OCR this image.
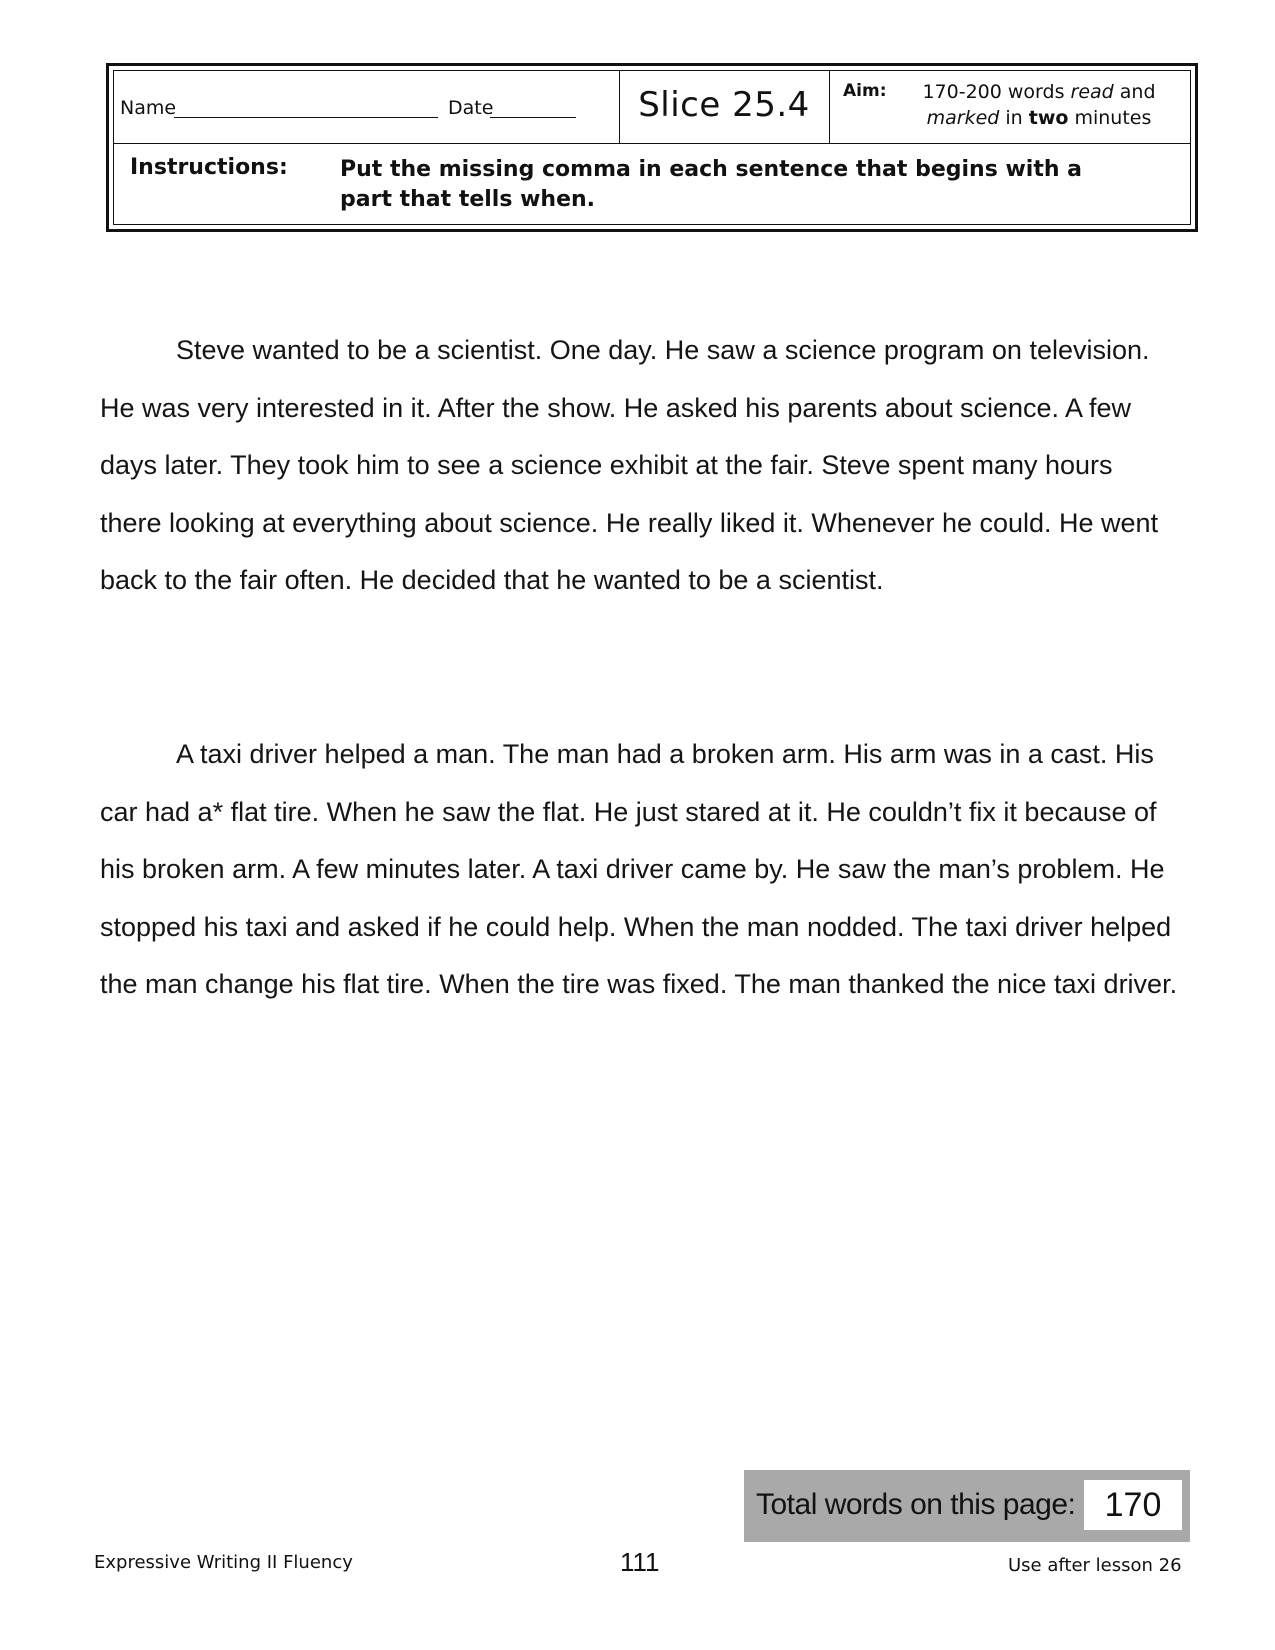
Name	Date	Slice 25.4	Aim:	170-200 words read and
marked in two minutes
Instructions: Put the missing comma in each sentence that begins with a part that tells when.

Steve wanted to be a scientist. One day. He saw a science program on television. He was very interested in it. After the show. He asked his parents about science. A few days later. They took him to see a science exhibit at the fair. Steve spent many hours there looking at everything about science. He really liked it. Whenever he could. He went back to the fair often. He decided that he wanted to be a scientist.

A taxi driver helped a man. The man had a broken arm. His arm was in a cast. His car had a* flat tire. When he saw the flat. He just stared at it. He couldn’t fix it because of his broken arm. A few minutes later. A taxi driver came by. He saw the man’s problem. He stopped his taxi and asked if he could help. When the man nodded. The taxi driver helped the man change his flat tire. When the tire was fixed. The man thanked the nice taxi driver.

Total words on this page: 170
Expressive Writing II Fluency	111	Use after lesson 26
